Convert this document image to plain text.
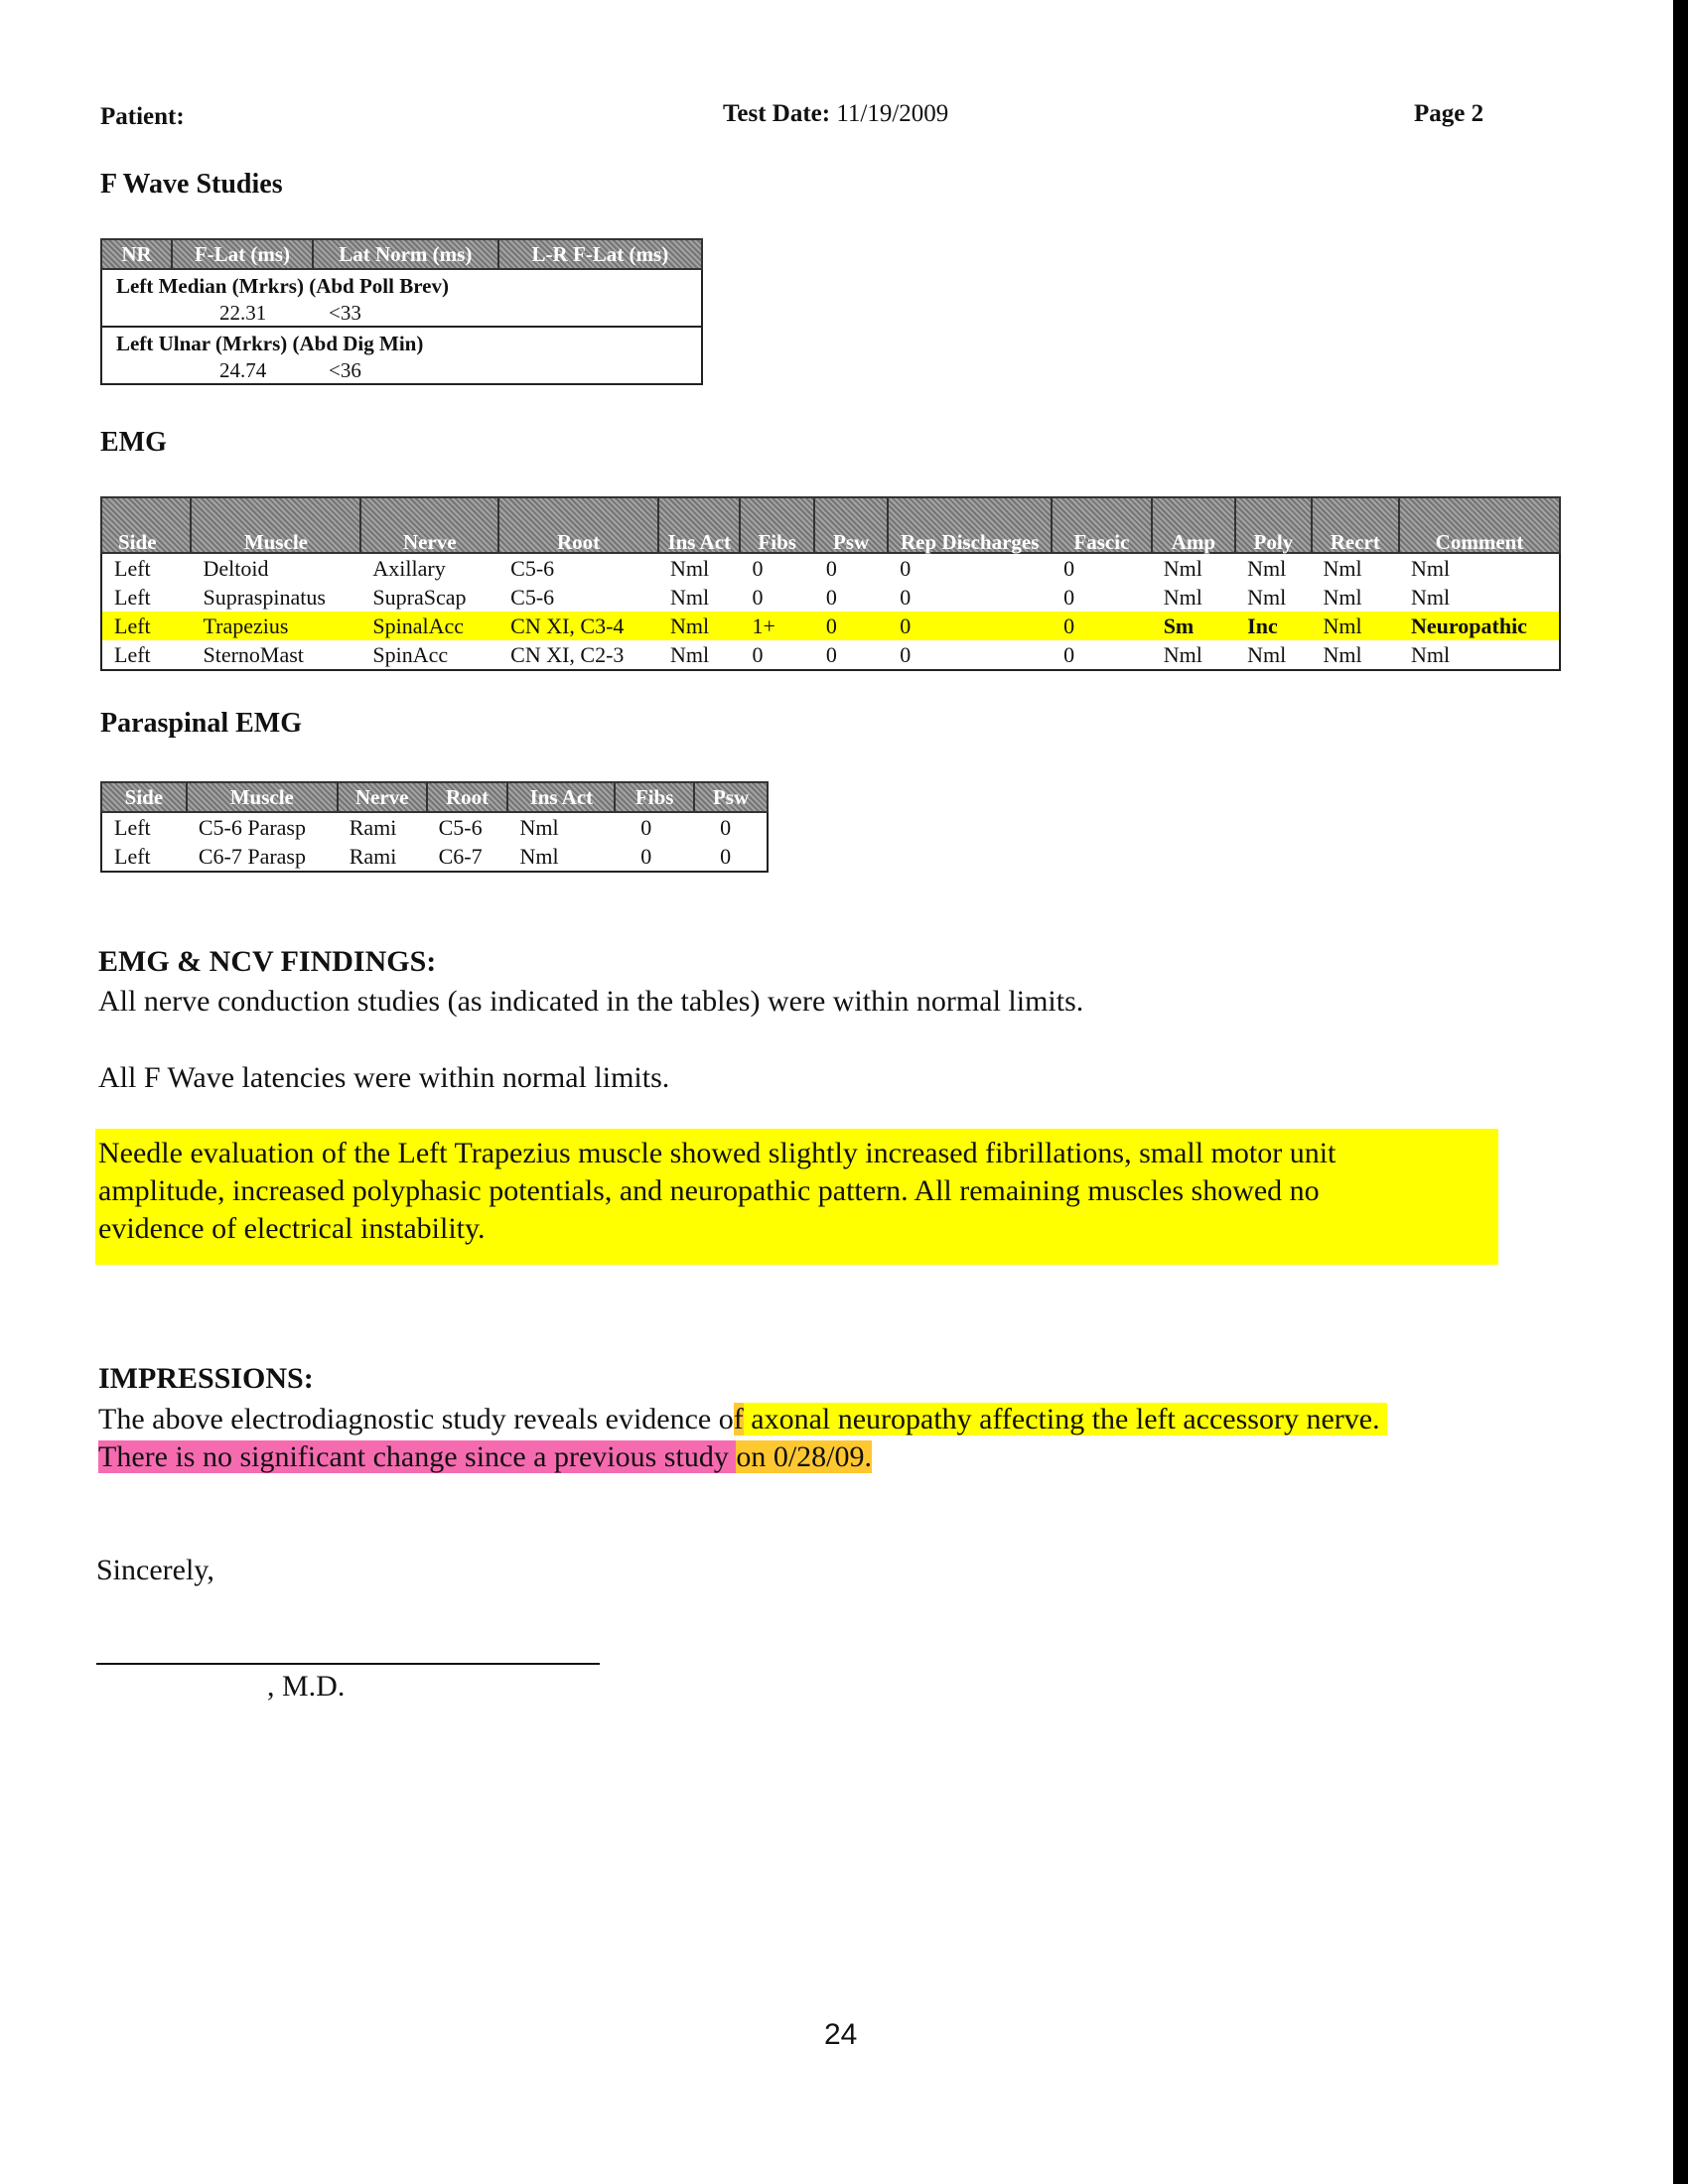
Patient:	Test Date: 11/19/2009	Page 2
F Wave Studies
NR	F-Lat (ms)	Lat Norm (ms)	L-R F-Lat (ms)
Left Median (Mrkrs) (Abd Poll Brev)
22.31	<33
Left Ulnar (Mrkrs) (Abd Dig Min)
24.74	<36
EMG
Side	Muscle	Nerve	Root	Ins Act	Fibs	Psw	Rep Discharges	Fascic	Amp	Poly	Recrt	Comment
Left	Deltoid	Axillary	C5-6	Nml	0	0	0	0	Nml	Nml	Nml	Nml
Left	Supraspinatus	SupraScap	C5-6	Nml	0	0	0	0	Nml	Nml	Nml	Nml
Left	Trapezius	SpinalAcc	CN XI, C3-4	Nml	1+	0	0	0	Sm	Inc	Nml	Neuropathic
Left	SternoMast	SpinAcc	CN XI, C2-3	Nml	0	0	0	0	Nml	Nml	Nml	Nml
Paraspinal EMG
Side	Muscle	Nerve	Root	Ins Act	Fibs	Psw
Left	C5-6 Parasp	Rami	C5-6	Nml	0	0
Left	C6-7 Parasp	Rami	C6-7	Nml	0	0
EMG & NCV FINDINGS:
All nerve conduction studies (as indicated in the tables) were within normal limits.
All F Wave latencies were within normal limits.
Needle evaluation of the Left Trapezius muscle showed slightly increased fibrillations, small motor unit
amplitude, increased polyphasic potentials, and neuropathic pattern. All remaining muscles showed no
evidence of electrical instability.
IMPRESSIONS:
The above electrodiagnostic study reveals evidence of axonal neuropathy affecting the left accessory nerve.
There is no significant change since a previous study on 0/28/09.
Sincerely,
, M.D.
24
